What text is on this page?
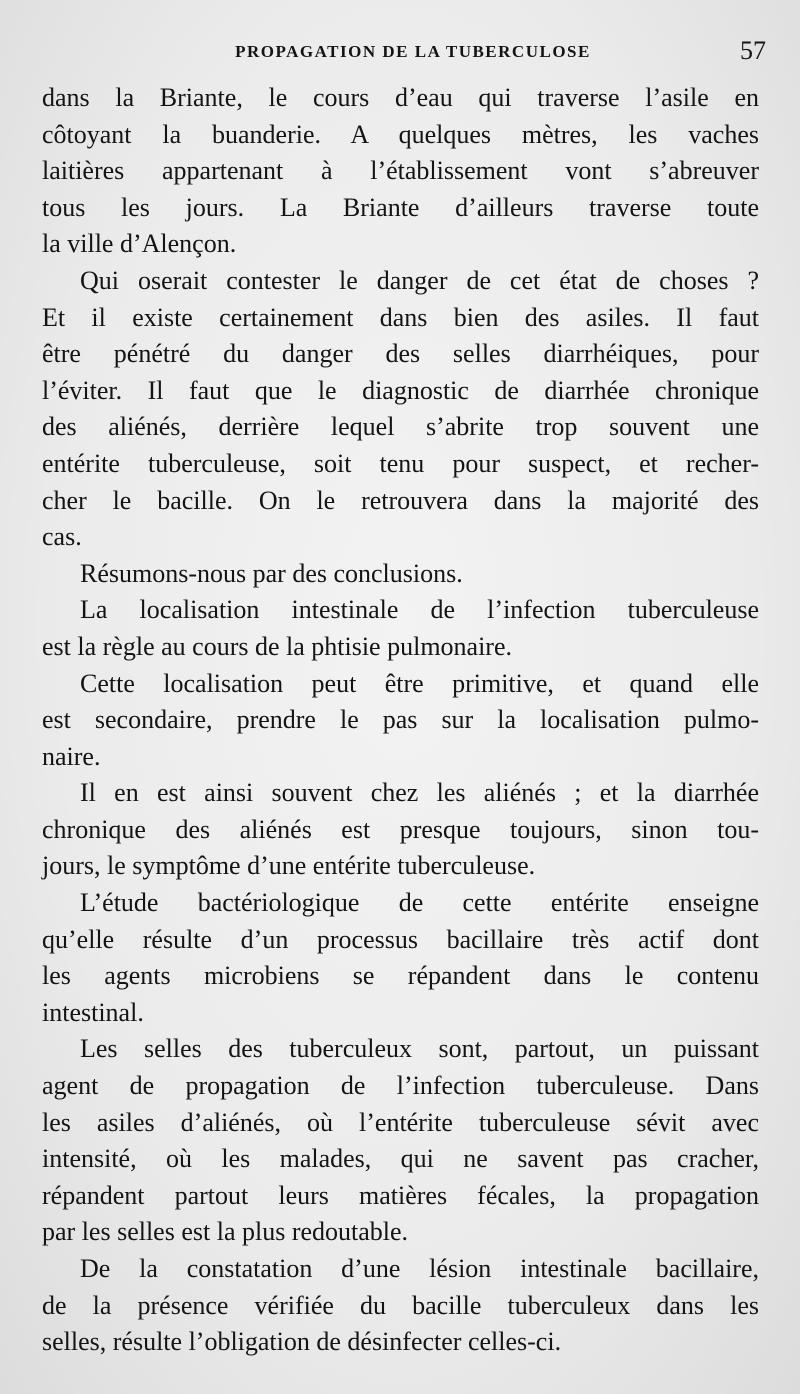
PROPAGATION DE LA TUBERCULOSE	57
dans la Briante, le cours d’eau qui traverse l’asile en
côtoyant la buanderie. A quelques mètres, les vaches
laitières appartenant à l’établissement vont s’abreuver
tous les jours. La Briante d’ailleurs traverse toute
la ville d’Alençon.
Qui oserait contester le danger de cet état de choses ?
Et il existe certainement dans bien des asiles. Il faut
être pénétré du danger des selles diarrhéiques, pour
l’éviter. Il faut que le diagnostic de diarrhée chronique
des aliénés, derrière lequel s’abrite trop souvent une
entérite tuberculeuse, soit tenu pour suspect, et recher-
cher le bacille. On le retrouvera dans la majorité des
cas.
Résumons-nous par des conclusions.
La localisation intestinale de l’infection tuberculeuse
est la règle au cours de la phtisie pulmonaire.
Cette localisation peut être primitive, et quand elle
est secondaire, prendre le pas sur la localisation pulmo-
naire.
Il en est ainsi souvent chez les aliénés ; et la diarrhée
chronique des aliénés est presque toujours, sinon tou-
jours, le symptôme d’une entérite tuberculeuse.
L’étude bactériologique de cette entérite enseigne
qu’elle résulte d’un processus bacillaire très actif dont
les agents microbiens se répandent dans le contenu
intestinal.
Les selles des tuberculeux sont, partout, un puissant
agent de propagation de l’infection tuberculeuse. Dans
les asiles d’aliénés, où l’entérite tuberculeuse sévit avec
intensité, où les malades, qui ne savent pas cracher,
répandent partout leurs matières fécales, la propagation
par les selles est la plus redoutable.
De la constatation d’une lésion intestinale bacillaire,
de la présence vérifiée du bacille tuberculeux dans les
selles, résulte l’obligation de désinfecter celles-ci.
